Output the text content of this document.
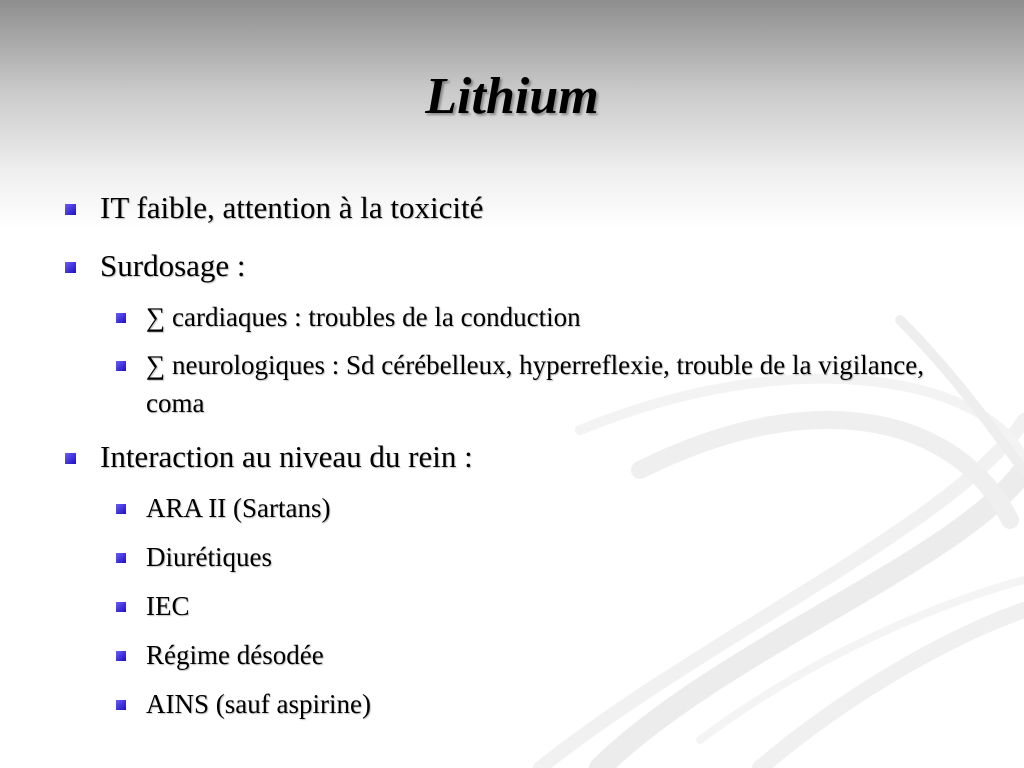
Lithium
IT faible, attention à la toxicité
Surdosage :
∑ cardiaques : troubles de la conduction
∑ neurologiques : Sd cérébelleux, hyperreflexie, trouble de la vigilance, coma
Interaction au niveau du rein :
ARA II (Sartans)
Diurétiques
IEC
Régime désodée
AINS (sauf aspirine)
